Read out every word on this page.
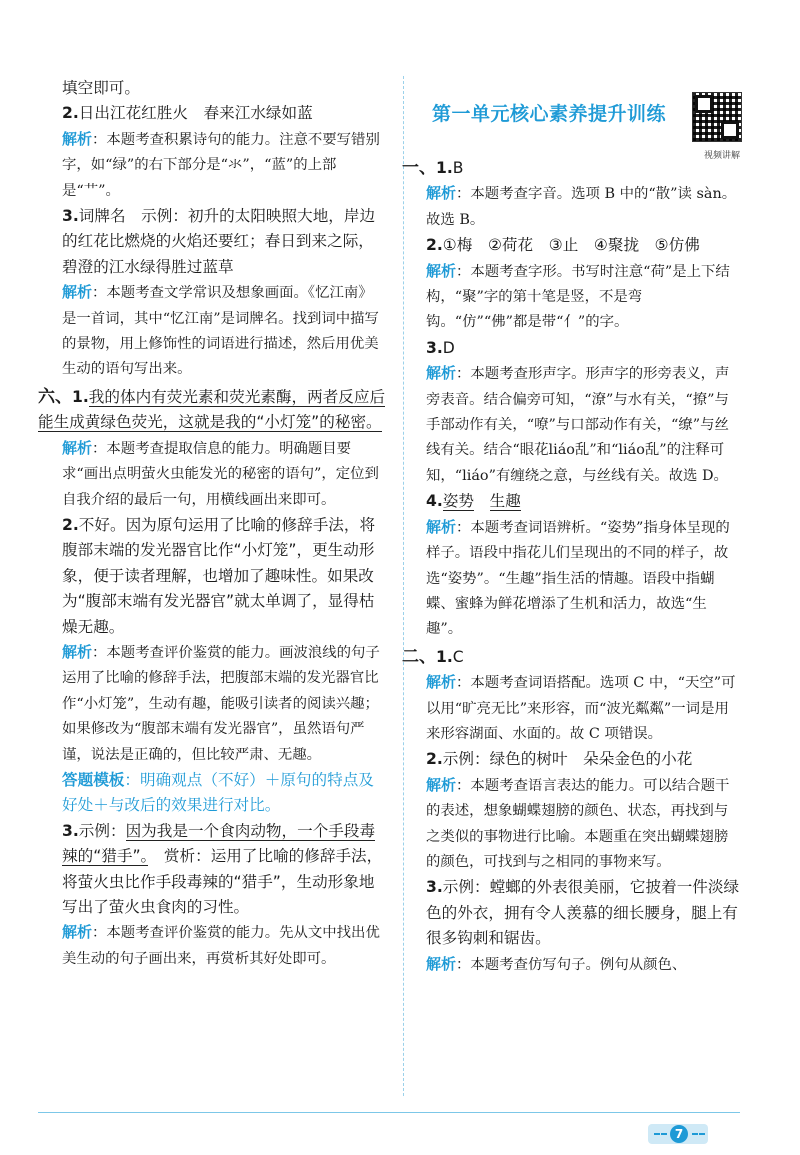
填空即可。

2.日出江花红胜火　春来江水绿如蓝

解析：本题考查积累诗句的能力。注意不要写错别字，如“绿”的右下部分是“氺”，“蓝”的上部是“艹”。

3.词牌名　示例：初升的太阳映照大地，岸边的红花比燃烧的火焰还要红；春日到来之际，碧澄的江水绿得胜过蓝草

解析：本题考查文学常识及想象画面。《忆江南》是一首词，其中“忆江南”是词牌名。找到词中描写的景物，用上修饰性的词语进行描述，然后用优美生动的语句写出来。

六、1.我的体内有荧光素和荧光素酶，两者反应后能生成黄绿色荧光，这就是我的“小灯笼”的秘密。

解析：本题考查提取信息的能力。明确题目要求“画出点明萤火虫能发光的秘密的语句”，定位到自我介绍的最后一句，用横线画出来即可。

2.不好。因为原句运用了比喻的修辞手法，将腹部末端的发光器官比作“小灯笼”，更生动形象，便于读者理解，也增加了趣味性。如果改为“腹部末端有发光器官”就太单调了，显得枯燥无趣。

解析：本题考查评价鉴赏的能力。画波浪线的句子运用了比喻的修辞手法，把腹部末端的发光器官比作“小灯笼”，生动有趣，能吸引读者的阅读兴趣；如果修改为“腹部末端有发光器官”，虽然语句严谨，说法是正确的，但比较严肃、无趣。

答题模板：明确观点（不好）＋原句的特点及好处＋与改后的效果进行对比。

3.示例：因为我是一个食肉动物，一个手段毒辣的“猎手”。　赏析：运用了比喻的修辞手法，将萤火虫比作手段毒辣的“猎手”，生动形象地写出了萤火虫食肉的习性。

解析：本题考查评价鉴赏的能力。先从文中找出优美生动的句子画出来，再赏析其好处即可。

第一单元核心素养提升训练
视频讲解

一、1.B

解析：本题考查字音。选项 B 中的“散”读 sàn。故选 B。

2.①梅　②荷花　③止　④聚拢　⑤仿佛

解析：本题考查字形。书写时注意“荷”是上下结构，“聚”字的第十笔是竖，不是弯钩。“仿”“佛”都是带“亻”的字。

3.D

解析：本题考查形声字。形声字的形旁表义，声旁表音。结合偏旁可知，“潦”与水有关，“撩”与手部动作有关，“嘹”与口部动作有关，“缭”与丝线有关。结合“眼花liáo乱”和“liáo乱”的注释可知，“liáo”有缠绕之意，与丝线有关。故选 D。

4.姿势　 生趣

解析：本题考查词语辨析。“姿势”指身体呈现的样子。语段中指花儿们呈现出的不同的样子，故选“姿势”。“生趣”指生活的情趣。语段中指蝴蝶、蜜蜂为鲜花增添了生机和活力，故选“生趣”。

二、1.C

解析：本题考查词语搭配。选项 C 中，“天空”可以用“旷亮无比”来形容，而“波光粼粼”一词是用来形容湖面、水面的。故 C 项错误。

2.示例：绿色的树叶　朵朵金色的小花

解析：本题考查语言表达的能力。可以结合题干的表述，想象蝴蝶翅膀的颜色、状态，再找到与之类似的事物进行比喻。本题重在突出蝴蝶翅膀的颜色，可找到与之相同的事物来写。

3.示例：螳螂的外表很美丽，它披着一件淡绿色的外衣，拥有令人羡慕的细长腰身，腿上有很多钩刺和锯齿。

解析：本题考查仿写句子。例句从颜色、

7
